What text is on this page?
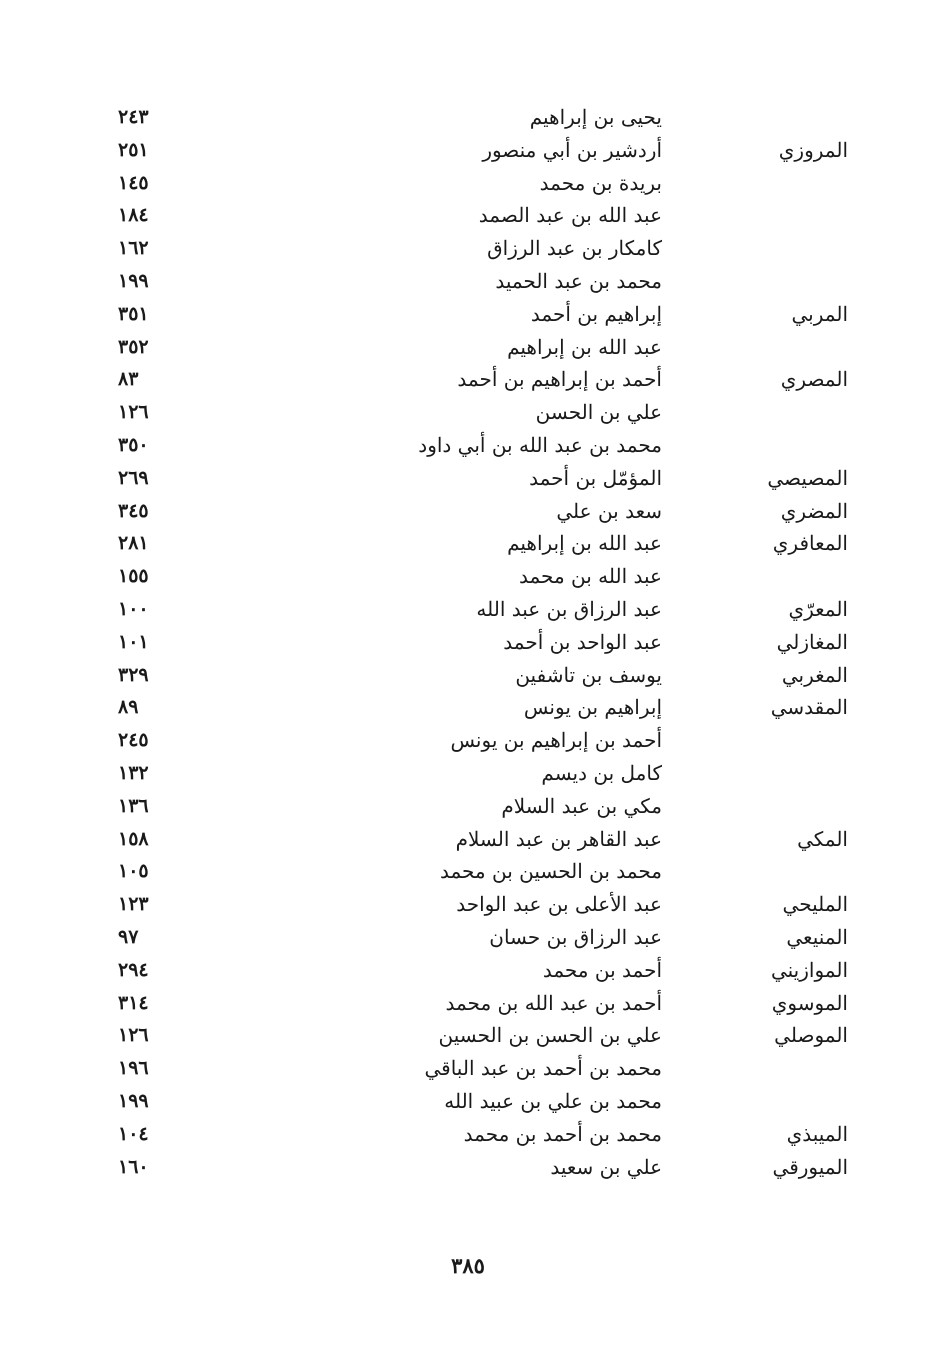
يحيى بن إبراهيم
٢٤٣
المروزي
أردشير بن أبي منصور
٢٥١
بريدة بن محمد
١٤٥
عبد الله بن عبد الصمد
١٨٤
كامكار بن عبد الرزاق
١٦٢
محمد بن عبد الحميد
١٩٩
المربي
إبراهيم بن أحمد
٣٥١
عبد الله بن إبراهيم
٣٥٢
المصري
أحمد بن إبراهيم بن أحمد
٨٣
علي بن الحسن
١٢٦
محمد بن عبد الله بن أبي داود
٣٥٠
المصيصي
المؤمّل بن أحمد
٢٦٩
المضري
سعد بن علي
٣٤٥
المعافري
عبد الله بن إبراهيم
٢٨١
عبد الله بن محمد
١٥٥
المعرّي
عبد الرزاق بن عبد الله
١٠٠
المغازلي
عبد الواحد بن أحمد
١٠١
المغربي
يوسف بن تاشفين
٣٢٩
المقدسي
إبراهيم بن يونس
٨٩
أحمد بن إبراهيم بن يونس
٢٤٥
كامل بن ديسم
١٣٢
مكي بن عبد السلام
١٣٦
المكي
عبد القاهر بن عبد السلام
١٥٨
محمد بن الحسين بن محمد
١٠٥
المليحي
عبد الأعلى بن عبد الواحد
١٢٣
المنيعي
عبد الرزاق بن حسان
٩٧
الموازيني
أحمد بن محمد
٢٩٤
الموسوي
أحمد بن عبد الله بن محمد
٣١٤
الموصلي
علي بن الحسن بن الحسين
١٢٦
محمد بن أحمد بن عبد الباقي
١٩٦
محمد بن علي بن عبيد الله
١٩٩
الميبذي
محمد بن أحمد بن محمد
١٠٤
الميورقي
علي بن سعيد
١٦٠
٣٨٥
